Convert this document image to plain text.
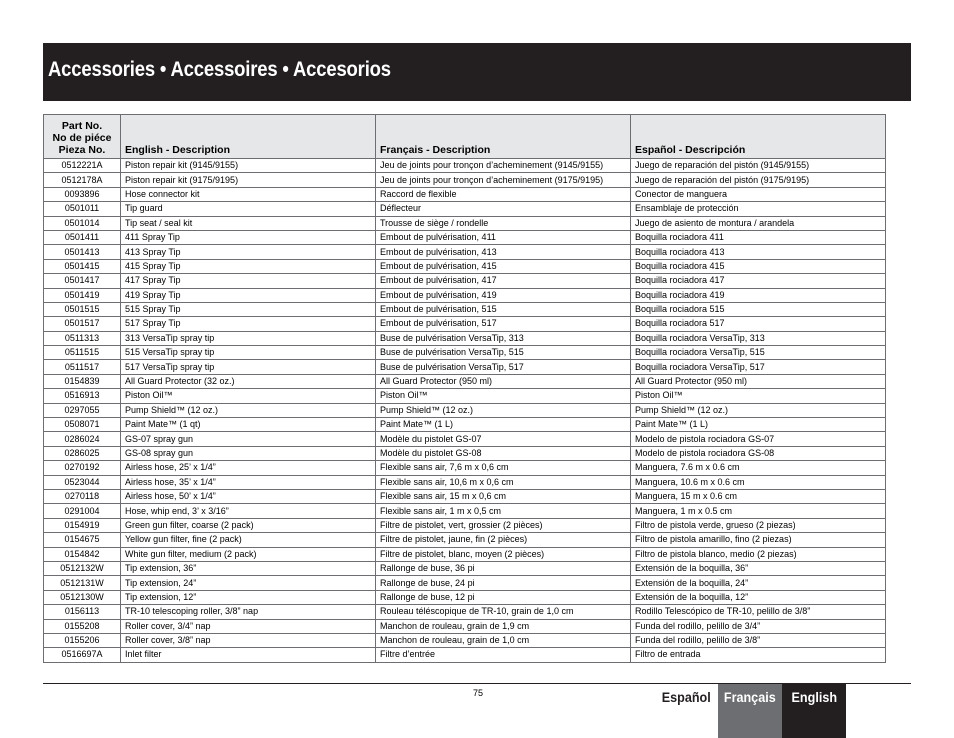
Accessories • Accessoires • Accesorios
Part No.
No de piéce
Pieza No.	English - Description	Français - Description	Español - Descripción
0512221A	Piston repair kit (9145/9155)	Jeu de joints pour tronçon d’acheminement (9145/9155)	Juego de reparación del pistón (9145/9155)
0512178A	Piston repair kit (9175/9195)	Jeu de joints pour tronçon d’acheminement (9175/9195)	Juego de reparación del pistón (9175/9195)
0093896	Hose connector kit	Raccord de flexible	Conector de manguera
0501011	Tip guard	Déflecteur	Ensamblaje de protección
0501014	Tip seat / seal kit	Trousse de siège / rondelle	Juego de asiento de montura / arandela
0501411	411 Spray Tip	Embout de pulvérisation, 411	Boquilla rociadora 411
0501413	413 Spray Tip	Embout de pulvérisation, 413	Boquilla rociadora 413
0501415	415 Spray Tip	Embout de pulvérisation, 415	Boquilla rociadora 415
0501417	417 Spray Tip	Embout de pulvérisation, 417	Boquilla rociadora 417
0501419	419 Spray Tip	Embout de pulvérisation, 419	Boquilla rociadora 419
0501515	515 Spray Tip	Embout de pulvérisation, 515	Boquilla rociadora 515
0501517	517 Spray Tip	Embout de pulvérisation, 517	Boquilla rociadora 517
0511313	313 VersaTip spray tip	Buse de pulvérisation VersaTip, 313	Boquilla rociadora VersaTip, 313
0511515	515 VersaTip spray tip	Buse de pulvérisation VersaTip, 515	Boquilla rociadora VersaTip, 515
0511517	517 VersaTip spray tip	Buse de pulvérisation VersaTip, 517	Boquilla rociadora VersaTip, 517
0154839	All Guard Protector (32 oz.)	All Guard Protector (950 ml)	All Guard Protector (950 ml)
0516913	Piston Oil™	Piston Oil™	Piston Oil™
0297055	Pump Shield™ (12 oz.)	Pump Shield™ (12 oz.)	Pump Shield™ (12 oz.)
0508071	Paint Mate™ (1 qt)	Paint Mate™ (1 L)	Paint Mate™ (1 L)
0286024	GS-07 spray gun	Modèle du pistolet GS-07	Modelo de pistola rociadora GS-07
0286025	GS-08 spray gun	Modèle du pistolet GS-08	Modelo de pistola rociadora GS-08
0270192	Airless hose, 25’ x 1/4”	Flexible sans air, 7,6 m x 0,6 cm	Manguera, 7.6 m x 0.6 cm
0523044	Airless hose, 35’ x 1/4”	Flexible sans air, 10,6 m x 0,6 cm	Manguera, 10.6 m x 0.6 cm
0270118	Airless hose, 50’ x 1/4”	Flexible sans air, 15 m x 0,6 cm	Manguera, 15 m x 0.6 cm
0291004	Hose, whip end, 3’ x 3/16”	Flexible sans air, 1 m x 0,5 cm	Manguera, 1 m x 0.5 cm
0154919	Green gun filter, coarse (2 pack)	Filtre de pistolet, vert, grossier (2 pièces)	Filtro de pistola verde, grueso (2 piezas)
0154675	Yellow gun filter, fine (2 pack)	Filtre de pistolet, jaune, fin (2 pièces)	Filtro de pistola amarillo, fino (2 piezas)
0154842	White gun filter, medium (2 pack)	Filtre de pistolet, blanc, moyen (2 pièces)	Filtro de pistola blanco, medio (2 piezas)
0512132W	Tip extension, 36”	Rallonge de buse, 36 pi	Extensión de la boquilla, 36”
0512131W	Tip extension, 24”	Rallonge de buse, 24 pi	Extensión de la boquilla, 24”
0512130W	Tip extension, 12”	Rallonge de buse, 12 pi	Extensión de la boquilla, 12”
0156113	TR-10 telescoping roller, 3/8” nap	Rouleau téléscopique de TR-10, grain de 1,0 cm	Rodillo Telescópico de TR-10, pelillo de 3/8”
0155208	Roller cover, 3/4” nap	Manchon de rouleau, grain de 1,9 cm	Funda del rodillo, pelillo de 3/4”
0155206	Roller cover, 3/8” nap	Manchon de rouleau, grain de 1,0 cm	Funda del rodillo, pelillo de 3/8”
0516697A	Inlet filter	Filtre d’entrée	Filtro de entrada
75	Español Français English
